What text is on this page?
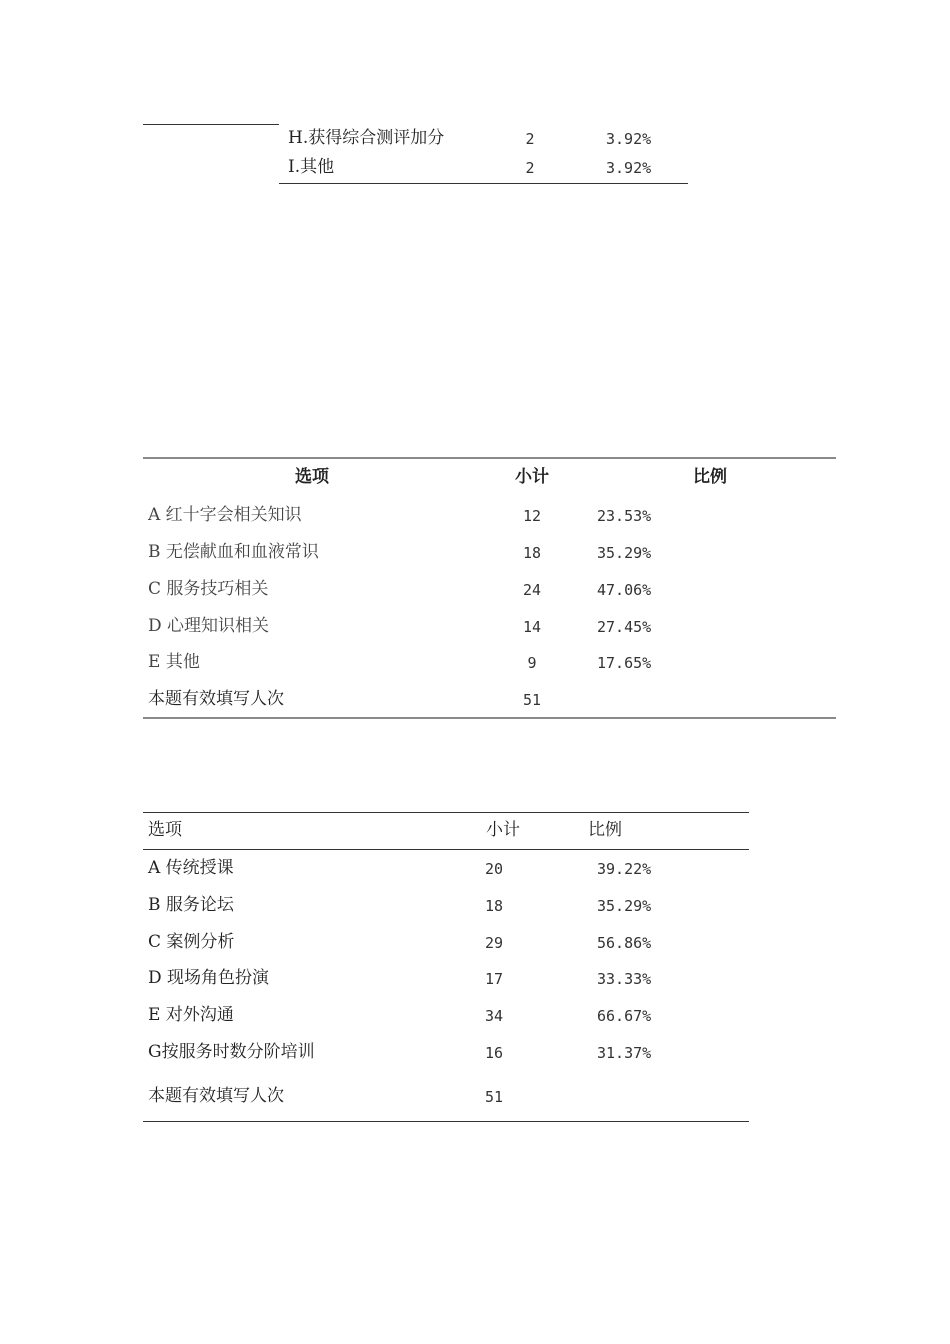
H.获得综合测评加分	2	3.92%
I.其他	2	3.92%
选项	小计	比例
A 红十字会相关知识	12	23.53%
B 无偿献血和血液常识	18	35.29%
C 服务技巧相关	24	47.06%
D 心理知识相关	14	27.45%
E 其他	9	17.65%
本题有效填写人次	51
选项	小计	比例
A 传统授课	20	39.22%
B 服务论坛	18	35.29%
C 案例分析	29	56.86%
D 现场角色扮演	17	33.33%
E 对外沟通	34	66.67%
G按服务时数分阶培训	16	31.37%
本题有效填写人次	51
